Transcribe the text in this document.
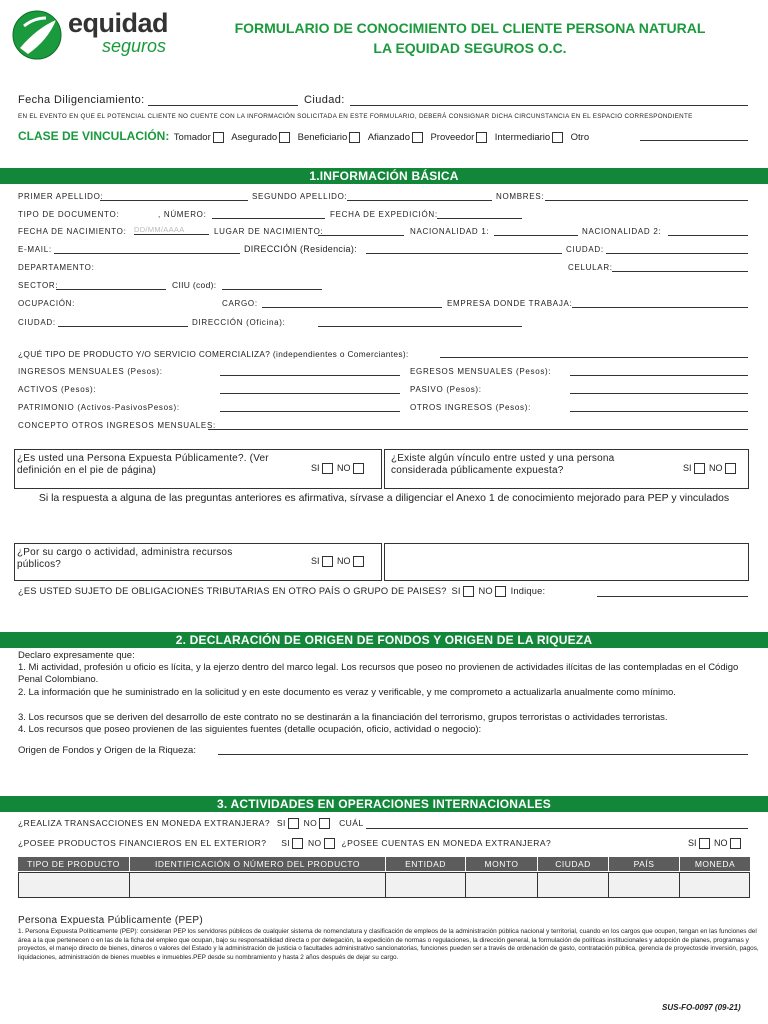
equidad
seguros
FORMULARIO DE CONOCIMIENTO DEL CLIENTE PERSONA NATURAL
LA EQUIDAD SEGUROS O.C.
Fecha Diligenciamiento:	Ciudad:
EN EL EVENTO EN QUE EL POTENCIAL CLIENTE NO CUENTE CON LA INFORMACIÓN SOLICITADA EN ESTE FORMULARIO, DEBERÁ CONSIGNAR DICHA CIRCUNSTANCIA EN EL ESPACIO CORRESPONDIENTE
CLASE DE VINCULACIÓN: Tomador Asegurado Beneficiario Afianzado Proveedor Intermediario Otro
1.INFORMACIÓN BÁSICA
PRIMER APELLIDO:	SEGUNDO APELLIDO:	NOMBRES:
TIPO DE DOCUMENTO:	, NÚMERO:	FECHA DE EXPEDICIÓN:
FECHA DE NACIMIENTO: DD/MM/AAAA	LUGAR DE NACIMIENTO:	NACIONALIDAD 1:	NACIONALIDAD 2:
E-MAIL:	DIRECCIÓN (Residencia):	CIUDAD:
DEPARTAMENTO:	CELULAR:
SECTOR:	CIIU (cod):
OCUPACIÓN:	CARGO:	EMPRESA DONDE TRABAJA:
CIUDAD:	DIRECCIÓN (Oficina):
¿QUÉ TIPO DE PRODUCTO Y/O SERVICIO COMERCIALIZA? (independientes o Comerciantes):
INGRESOS MENSUALES (Pesos):	EGRESOS MENSUALES (Pesos):
ACTIVOS (Pesos):	PASIVO (Pesos):
PATRIMONIO (Activos-PasivosPesos):	OTROS INGRESOS (Pesos):
CONCEPTO OTROS INGRESOS MENSUALES:
¿Es usted una Persona Expuesta Públicamente?. (Ver definición en el pie de página)	SI NO
¿Existe algún vínculo entre usted y una persona considerada públicamente expuesta?	SI NO
Si la respuesta a alguna de las preguntas anteriores es afirmativa, sírvase a diligenciar el Anexo 1 de conocimiento mejorado para PEP y vinculados
¿Por su cargo o actividad, administra recursos públicos?	SI NO
¿ES USTED SUJETO DE OBLIGACIONES TRIBUTARIAS EN OTRO PAÍS O GRUPO DE PAISES? SI NO Indique:
2. DECLARACIÓN DE ORIGEN DE FONDOS Y ORIGEN DE LA RIQUEZA
Declaro expresamente que:
1. Mi actividad, profesión u oficio es lícita, y la ejerzo dentro del marco legal. Los recursos que poseo no provienen de actividades ilícitas de las contempladas en el Código Penal Colombiano.
2. La información que he suministrado en la solicitud y en este documento es veraz y verificable, y me comprometo a actualizarla anualmente como mínimo.
3. Los recursos que se deriven del desarrollo de este contrato no se destinarán a la financiación del terrorismo, grupos terroristas o actividades terroristas.
4. Los recursos que poseo provienen de las siguientes fuentes (detalle ocupación, oficio, actividad o negocio):
Origen de Fondos y Origen de la Riqueza:
3. ACTIVIDADES EN OPERACIONES INTERNACIONALES
¿REALIZA TRANSACCIONES EN MONEDA EXTRANJERA? SI NO	CUÁL
¿POSEE PRODUCTOS FINANCIEROS EN EL EXTERIOR? SI NO ¿POSEE CUENTAS EN MONEDA EXTRANJERA?	SI NO
TIPO DE PRODUCTO	IDENTIFICACIÓN O NÚMERO DEL PRODUCTO	ENTIDAD	MONTO	CIUDAD	PAÍS	MONEDA
Persona Expuesta Públicamente (PEP)
1. Persona Expuesta Políticamente (PEP): consideran PEP los servidores públicos de cualquier sistema de nomenclatura y clasificación de empleos de la administración pública nacional y territorial, cuando en los cargos que ocupen, tengan en las funciones del área a la que pertenecen o en las de la ficha del empleo que ocupan, bajo su responsabilidad directa o por delegación, la expedición de normas o regulaciones, la dirección general, la formulación de políticas institucionales y adopción de planes, programas y proyectos, el manejo directo de bienes, dineros o valores del Estado y la administración de justicia o facultades administrativo sancionatorias, funciones pueden ser a través de ordenación de gasto, contratación pública, gerencia de proyectosde inversión, pagos, liquidaciones, administración de bienes muebles e inmuebles.PEP desde su nombramiento y hasta 2 años después de dejar su cargo.
SUS-FO-0097 (09-21)
